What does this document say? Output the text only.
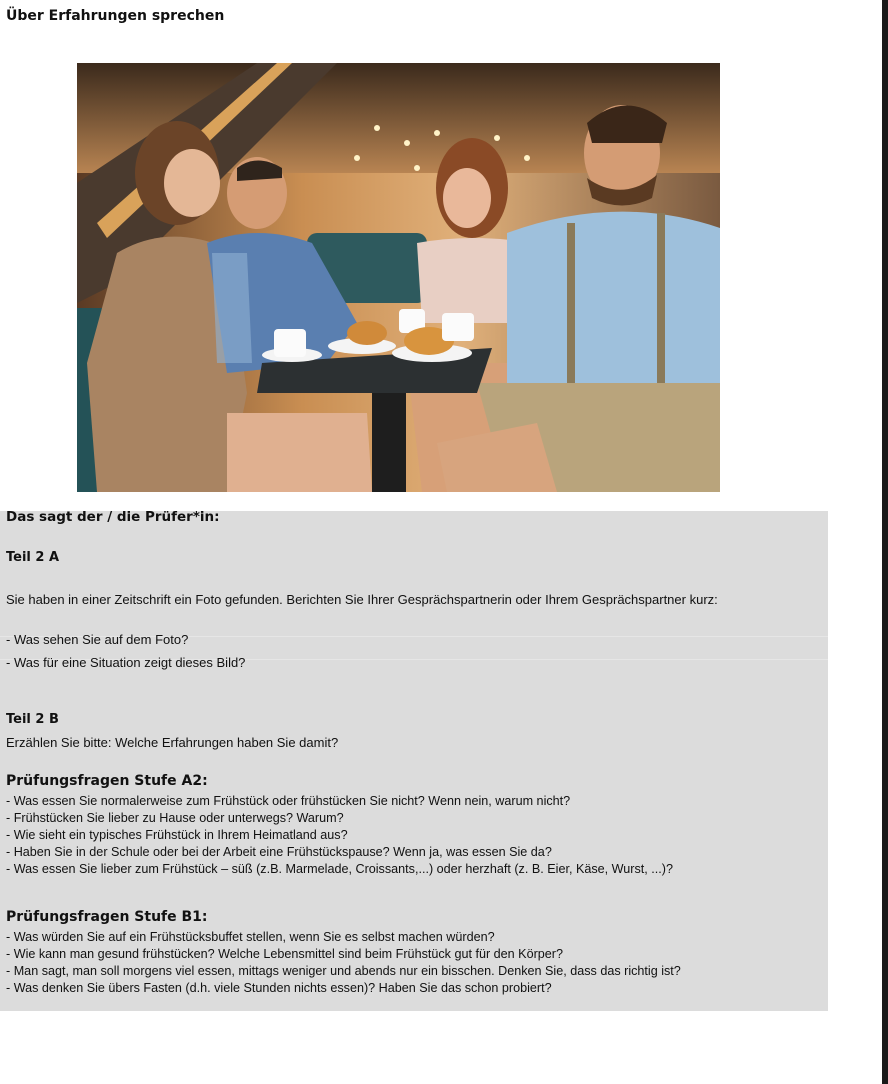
Über Erfahrungen sprechen
Das sagt der / die Prüfer*in:
Teil 2 A
Sie haben in einer Zeitschrift ein Foto gefunden. Berichten Sie Ihrer Gesprächspartnerin oder Ihrem Gesprächspartner kurz:
- Was sehen Sie auf dem Foto?
- Was für eine Situation zeigt dieses Bild?
Teil 2 B
Erzählen Sie bitte: Welche Erfahrungen haben Sie damit?
Prüfungsfragen Stufe A2:
- Was essen Sie normalerweise zum Frühstück oder frühstücken Sie nicht? Wenn nein, warum nicht?
- Frühstücken Sie lieber zu Hause oder unterwegs? Warum?
- Wie sieht ein typisches Frühstück in Ihrem Heimatland aus?
- Haben Sie in der Schule oder bei der Arbeit eine Frühstückspause? Wenn ja, was essen Sie da?
- Was essen Sie lieber zum Frühstück – süß (z.B. Marmelade, Croissants,...) oder herzhaft (z. B. Eier, Käse, Wurst, ...)?
Prüfungsfragen Stufe B1:
- Was würden Sie auf ein Frühstücksbuffet stellen, wenn Sie es selbst machen würden?
- Wie kann man gesund frühstücken? Welche Lebensmittel sind beim Frühstück gut für den Körper?
- Man sagt, man soll morgens viel essen, mittags weniger und abends nur ein bisschen. Denken Sie, dass das richtig ist?
- Was denken Sie übers Fasten (d.h. viele Stunden nichts essen)? Haben Sie das schon probiert?
